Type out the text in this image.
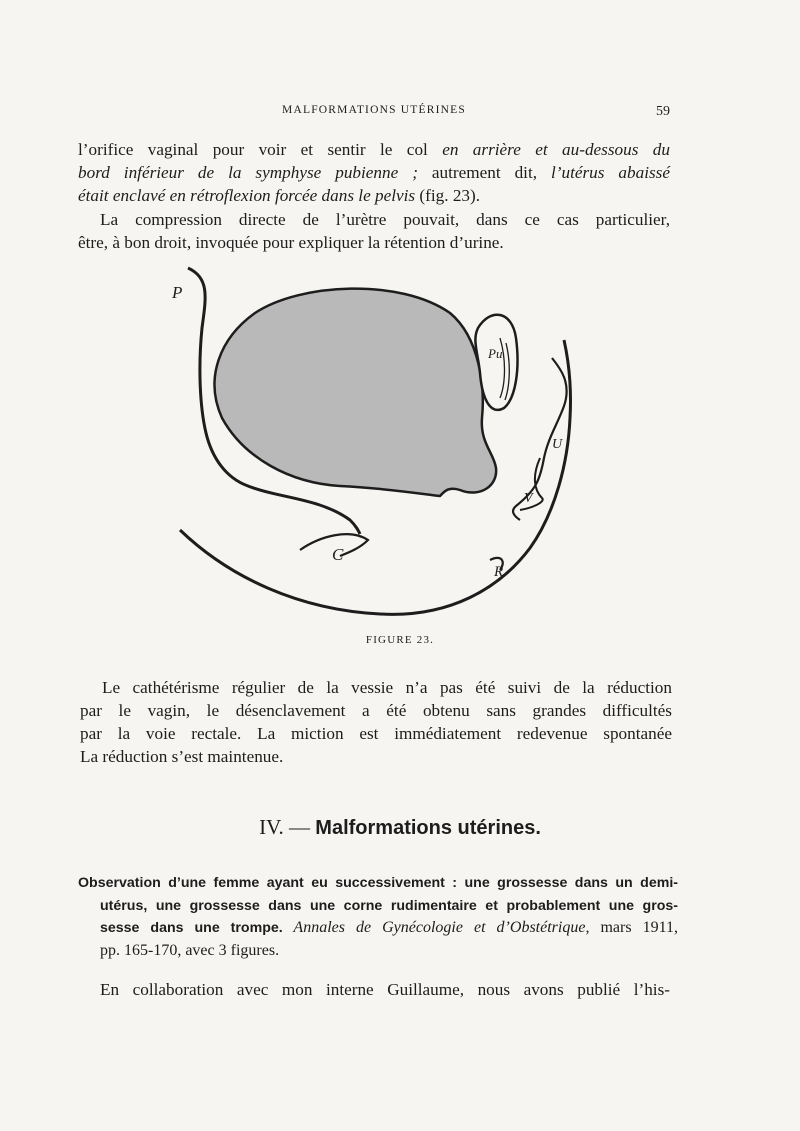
MALFORMATIONS UTÉRINES	59
l’orifice vaginal pour voir et sentir le col en arrière et au-dessous du
bord inférieur de la symphyse pubienne ; autrement dit, l’utérus abaissé
était enclavé en rétroflexion forcée dans le pelvis (fig. 23).
La compression directe de l’urètre pouvait, dans ce cas particulier,
être, à bon droit, invoquée pour expliquer la rétention d’urine.
P
Pu
U
V
C
R
FIGURE 23.
Le cathétérisme régulier de la vessie n’a pas été suivi de la réduction
par le vagin, le désenclavement a été obtenu sans grandes difficultés
par la voie rectale. La miction est immédiatement redevenue spontanée
La réduction s’est maintenue.
IV. — Malformations utérines.
Observation d’une femme ayant eu successivement : une grossesse dans un demi-
utérus, une grossesse dans une corne rudimentaire et probablement une gros-
sesse dans une trompe. Annales de Gynécologie et d’Obstétrique, mars 1911,
pp. 165-170, avec 3 figures.
En collaboration avec mon interne Guillaume, nous avons publié l’his-
